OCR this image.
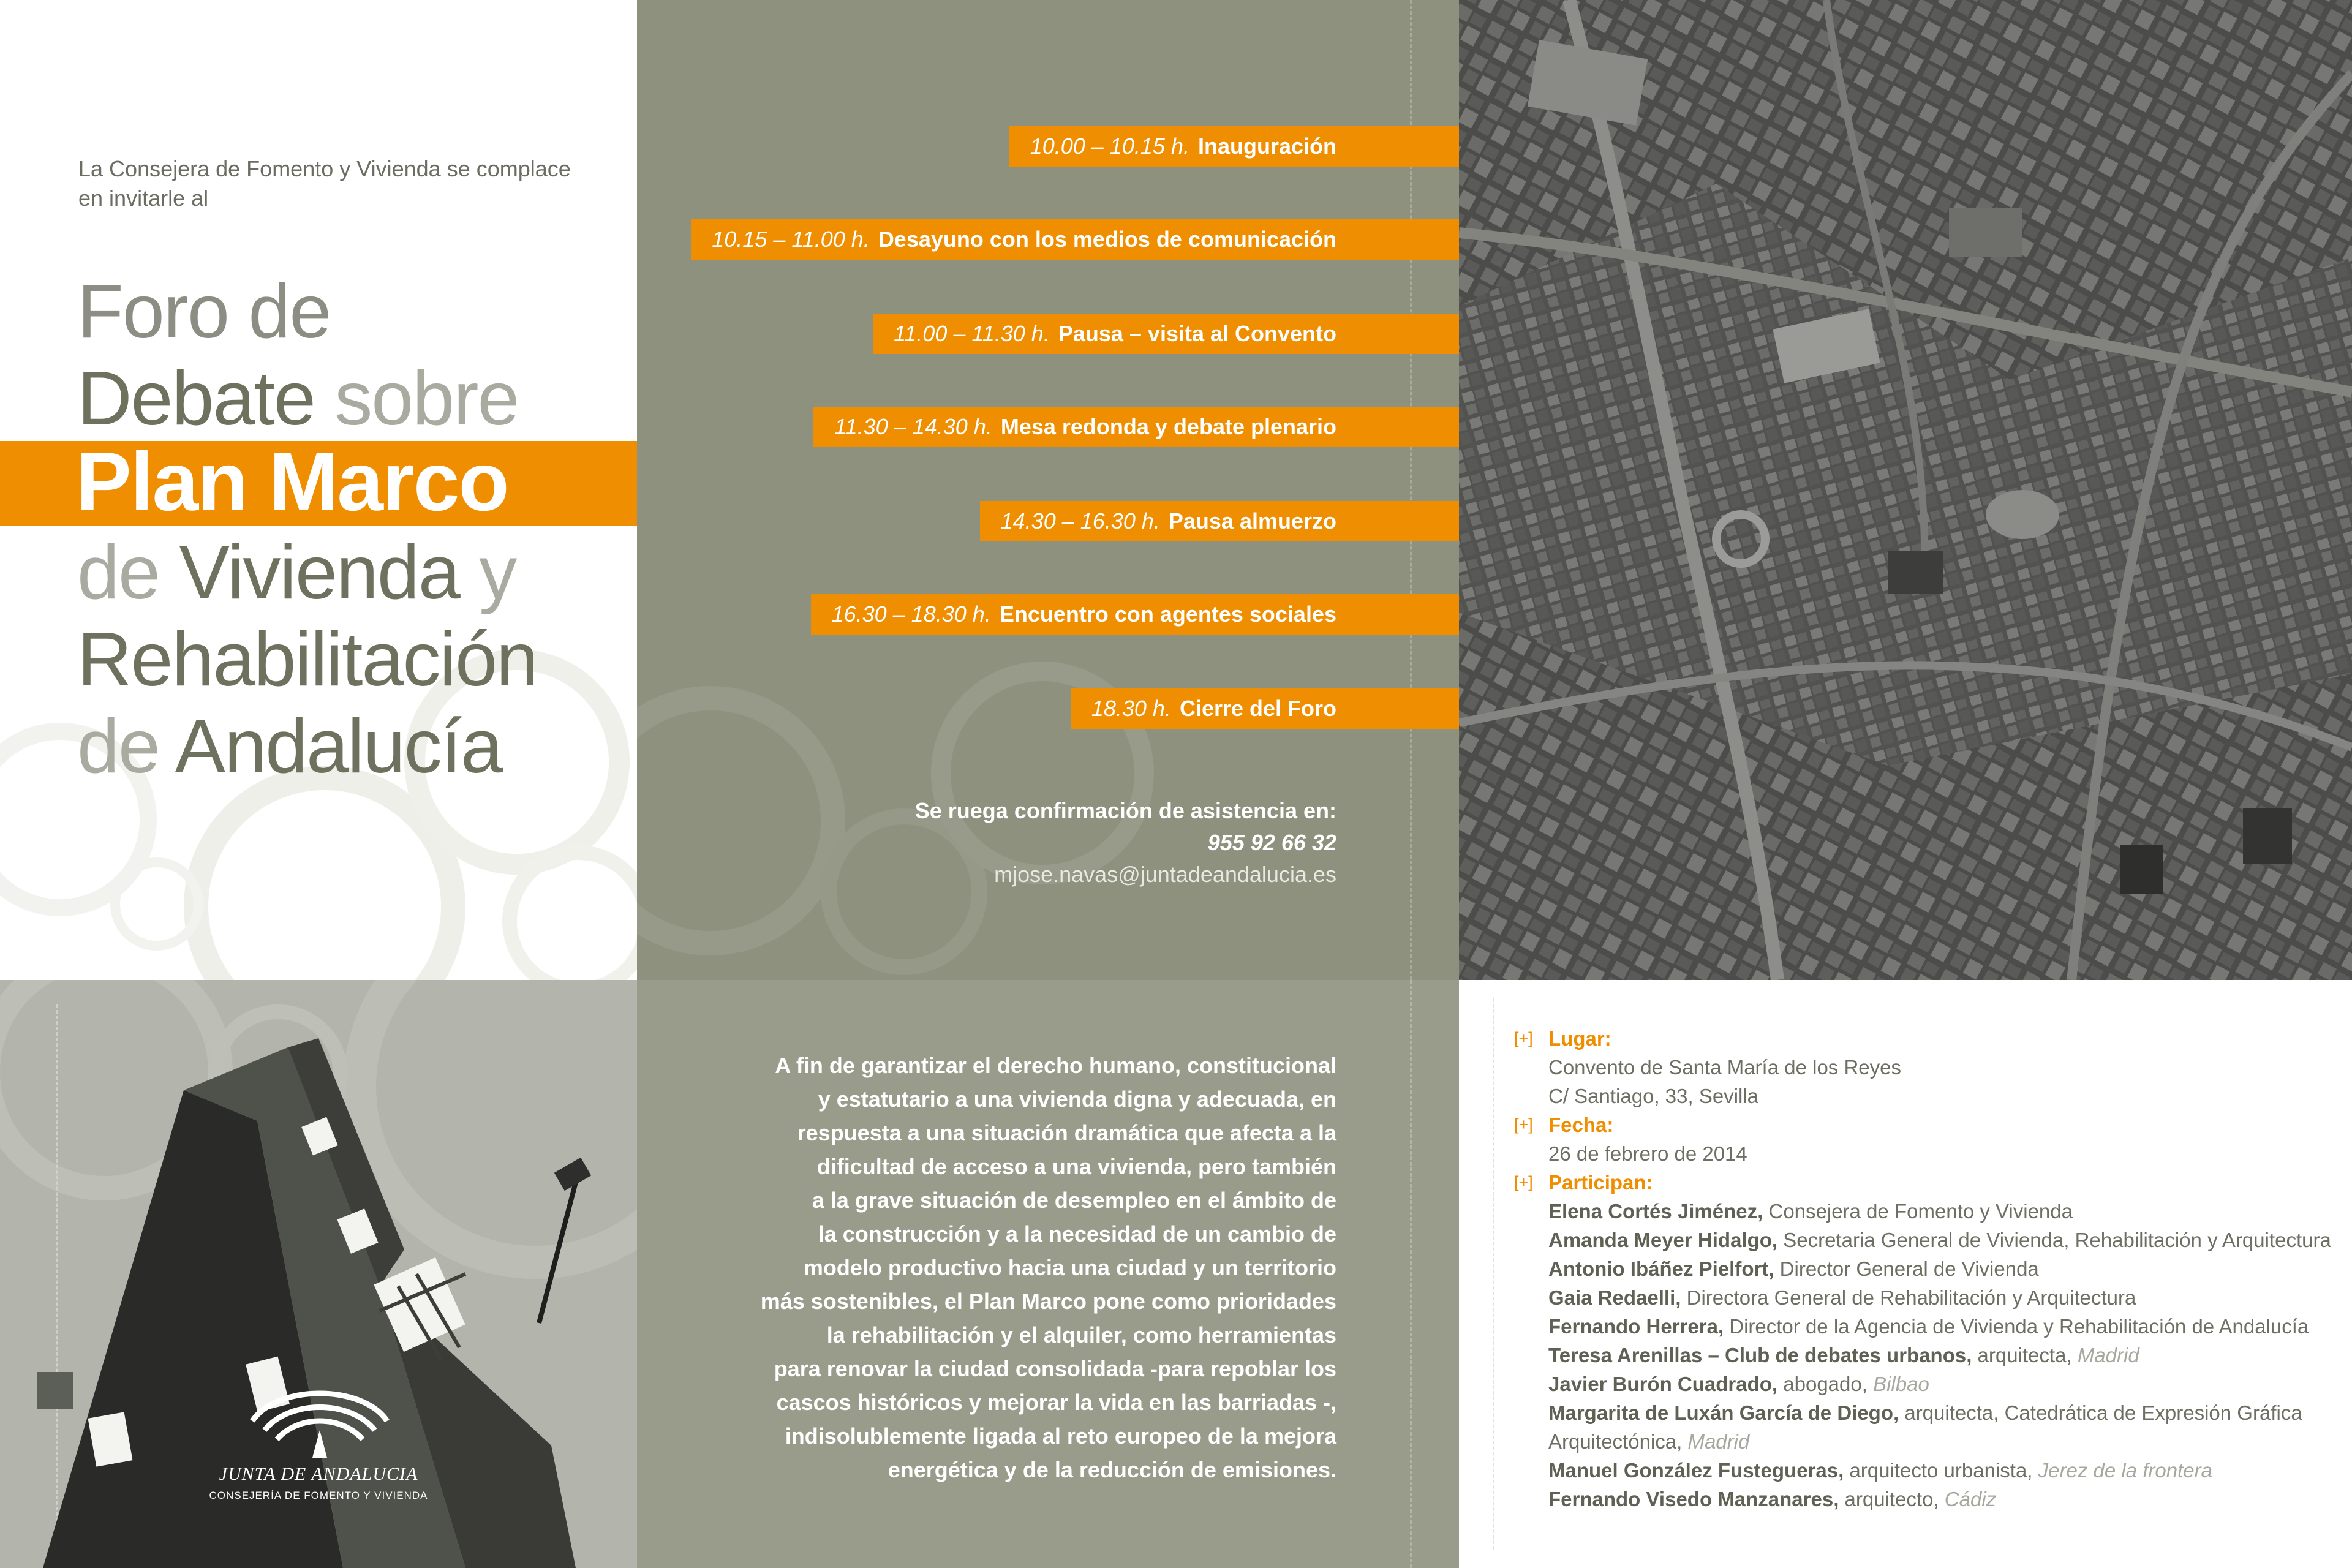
La Consejera de Fomento y Vivienda se complace
en invitarle al
Foro de
Debate sobre

de Vivienda y
Rehabilitación
de Andalucía
Plan Marco
10.00 – 10.15 h. Inauguración
10.15 – 11.00 h. Desayuno con los medios de comunicación
11.00 – 11.30 h. Pausa – visita al Convento
11.30 – 14.30 h. Mesa redonda y debate plenario
14.30 – 16.30 h. Pausa almuerzo
16.30 – 18.30 h. Encuentro con agentes sociales
18.30 h. Cierre del Foro
Se ruega confirmación de asistencia en:
955 92 66 32
mjose.navas@juntadeandalucia.es
JUNTA DE ANDALUCIA
CONSEJERÍA DE FOMENTO Y VIVIENDA
A fin de garantizar el derecho humano, constitucional
y estatutario a una vivienda digna y adecuada, en
respuesta a una situación dramática que afecta a la
dificultad de acceso a una vivienda, pero también
a la grave situación de desempleo en el ámbito de
la construcción y a la necesidad de un cambio de
modelo productivo hacia una ciudad y un territorio
más sostenibles, el Plan Marco pone como prioridades
la rehabilitación y el alquiler, como herramientas
para renovar la ciudad consolidada -para repoblar los
cascos históricos y mejorar la vida en las barriadas -,
indisolublemente ligada al reto europeo de la mejora
energética y de la reducción de emisiones.
[+] Lugar:
Convento de Santa María de los Reyes
C/ Santiago, 33, Sevilla
[+] Fecha:
26 de febrero de 2014
[+] Participan:
Elena Cortés Jiménez, Consejera de Fomento y Vivienda
Amanda Meyer Hidalgo, Secretaria General de Vivienda, Rehabilitación y Arquitectura
Antonio Ibáñez Pielfort, Director General de Vivienda
Gaia Redaelli, Directora General de Rehabilitación y Arquitectura
Fernando Herrera, Director de la Agencia de Vivienda y Rehabilitación de Andalucía
Teresa Arenillas – Club de debates urbanos, arquitecta, Madrid
Javier Burón Cuadrado, abogado, Bilbao
Margarita de Luxán García de Diego, arquitecta, Catedrática de Expresión Gráfica
Arquitectónica, Madrid
Manuel González Fustegueras, arquitecto urbanista, Jerez de la frontera
Fernando Visedo Manzanares, arquitecto, Cádiz
